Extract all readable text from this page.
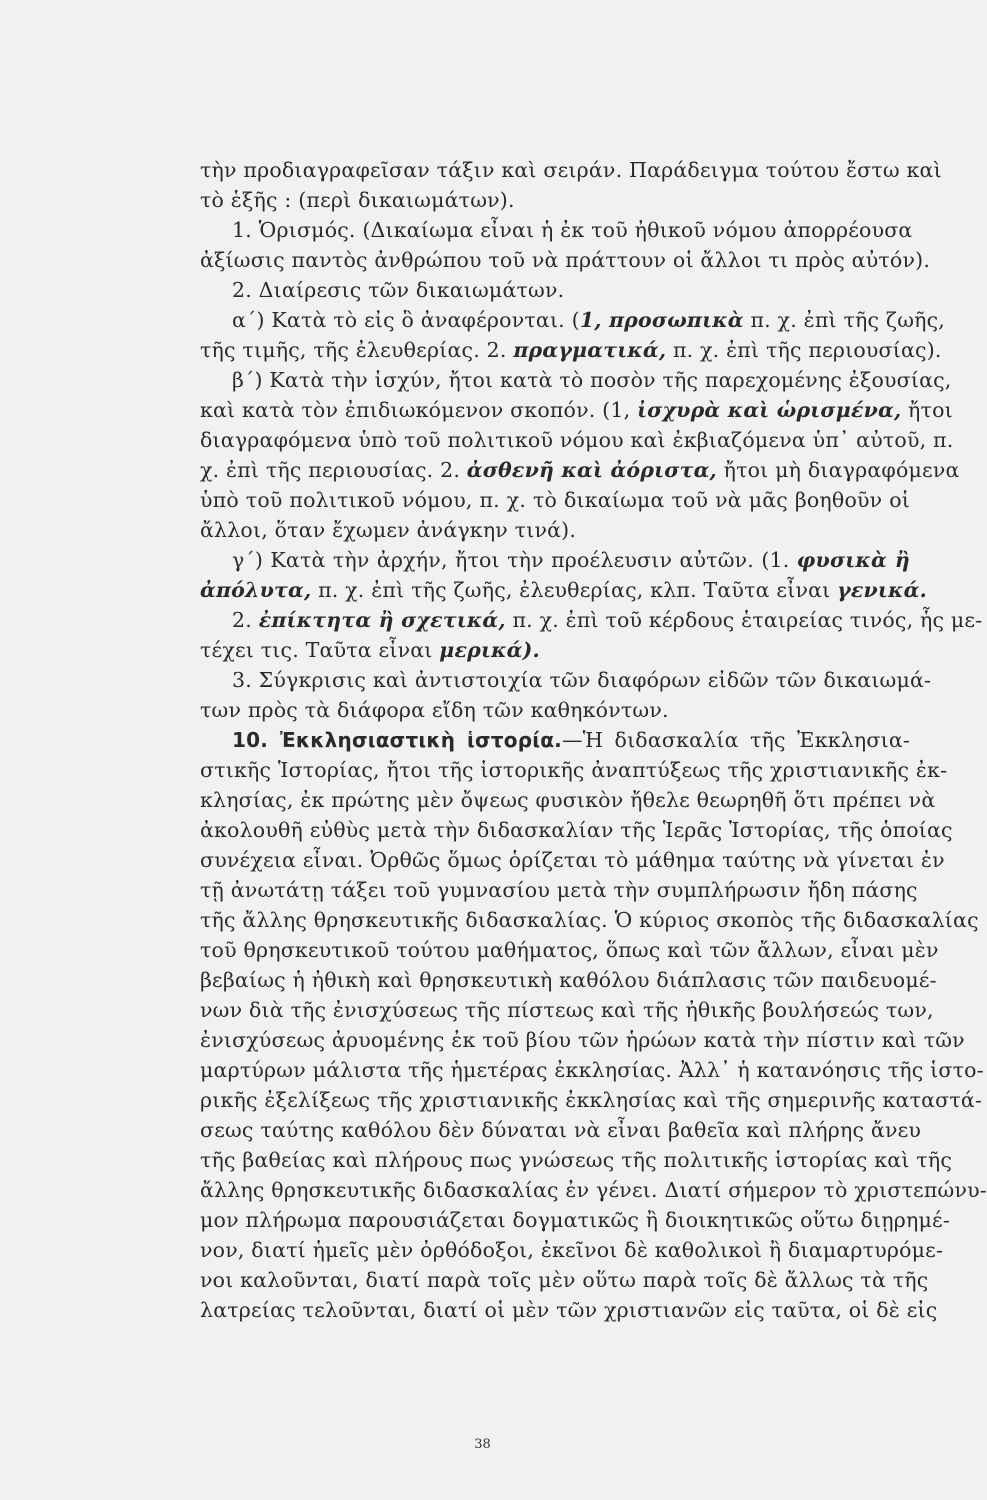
τὴν προδιαγραφεῖσαν τάξιν καὶ σειράν. Παράδειγμα τούτου ἔστω καὶ
τὸ ἑξῆς : (περὶ δικαιωμάτων).
1. Ὁρισμός. (Δικαίωμα εἶναι ἡ ἐκ τοῦ ἠθικοῦ νόμου ἀπορρέουσα
ἀξίωσις παντὸς ἀνθρώπου τοῦ νὰ πράττουν οἱ ἄλλοι τι πρὸς αὐτόν).
2. Διαίρεσις τῶν δικαιωμάτων.
α΄) Κατὰ τὸ εἰς ὃ ἀναφέρονται. (1, προσωπικὰ π. χ. ἐπὶ τῆς ζωῆς,
τῆς τιμῆς, τῆς ἐλευθερίας. 2. πραγματικά, π. χ. ἐπὶ τῆς περιουσίας).
β΄) Κατὰ τὴν ἰσχύν, ἤτοι κατὰ τὸ ποσὸν τῆς παρεχομένης ἐξουσίας,
καὶ κατὰ τὸν ἐπιδιωκόμενον σκοπόν. (1, ἰσχυρὰ καὶ ὡρισμένα, ἤτοι
διαγραφόμενα ὑπὸ τοῦ πολιτικοῦ νόμου καὶ ἐκβιαζόμενα ὑπ᾽ αὐτοῦ, π.
χ. ἐπὶ τῆς περιουσίας. 2. ἀσθενῆ καὶ ἀόριστα, ἤτοι μὴ διαγραφόμενα
ὑπὸ τοῦ πολιτικοῦ νόμου, π. χ. τὸ δικαίωμα τοῦ νὰ μᾶς βοηθοῦν οἱ
ἄλλοι, ὅταν ἔχωμεν ἀνάγκην τινά).
γ΄) Κατὰ τὴν ἀρχήν, ἤτοι τὴν προέλευσιν αὐτῶν. (1. φυσικὰ ἢ
ἀπόλυτα, π. χ. ἐπὶ τῆς ζωῆς, ἐλευθερίας, κλπ. Ταῦτα εἶναι γενικά.
2. ἐπίκτητα ἢ σχετικά, π. χ. ἐπὶ τοῦ κέρδους ἑταιρείας τινός, ἧς με-
τέχει τις. Ταῦτα εἶναι μερικά).
3. Σύγκρισις καὶ ἀντιστοιχία τῶν διαφόρων εἰδῶν τῶν δικαιωμά-
των πρὸς τὰ διάφορα εἴδη τῶν καθηκόντων.
10. Ἐκκλησιαστικὴ ἱστορία.—Ἡ διδασκαλία τῆς Ἐκκλησια-
στικῆς Ἱστορίας, ἤτοι τῆς ἱστορικῆς ἀναπτύξεως τῆς χριστιανικῆς ἐκ-
κλησίας, ἐκ πρώτης μὲν ὄψεως φυσικὸν ἤθελε θεωρηθῆ ὅτι πρέπει νὰ
ἀκολουθῆ εὐθὺς μετὰ τὴν διδασκαλίαν τῆς Ἱερᾶς Ἱστορίας, τῆς ὁποίας
συνέχεια εἶναι. Ὀρθῶς ὅμως ὁρίζεται τὸ μάθημα ταύτης νὰ γίνεται ἐν
τῇ ἀνωτάτῃ τάξει τοῦ γυμνασίου μετὰ τὴν συμπλήρωσιν ἤδη πάσης
τῆς ἄλλης θρησκευτικῆς διδασκαλίας. Ὁ κύριος σκοπὸς τῆς διδασκαλίας
τοῦ θρησκευτικοῦ τούτου μαθήματος, ὅπως καὶ τῶν ἄλλων, εἶναι μὲν
βεβαίως ἡ ἠθικὴ καὶ θρησκευτικὴ καθόλου διάπλασις τῶν παιδευομέ-
νων διὰ τῆς ἐνισχύσεως τῆς πίστεως καὶ τῆς ἠθικῆς βουλήσεώς των,
ἐνισχύσεως ἀρυομένης ἐκ τοῦ βίου τῶν ἡρώων κατὰ τὴν πίστιν καὶ τῶν
μαρτύρων μάλιστα τῆς ἡμετέρας ἐκκλησίας. Ἀλλ᾽ ἡ κατανόησις τῆς ἱστο-
ρικῆς ἐξελίξεως τῆς χριστιανικῆς ἐκκλησίας καὶ τῆς σημερινῆς καταστά-
σεως ταύτης καθόλου δὲν δύναται νὰ εἶναι βαθεῖα καὶ πλήρης ἄνευ
τῆς βαθείας καὶ πλήρους πως γνώσεως τῆς πολιτικῆς ἱστορίας καὶ τῆς
ἄλλης θρησκευτικῆς διδασκαλίας ἐν γένει. Διατί σήμερον τὸ χριστεπώνυ-
μον πλήρωμα παρουσιάζεται δογματικῶς ἢ διοικητικῶς οὕτω διῃρημέ-
νον, διατί ἡμεῖς μὲν ὀρθόδοξοι, ἐκεῖνοι δὲ καθολικοὶ ἢ διαμαρτυρόμε-
νοι καλοῦνται, διατί παρὰ τοῖς μὲν οὕτω παρὰ τοῖς δὲ ἄλλως τὰ τῆς
λατρείας τελοῦνται, διατί οἱ μὲν τῶν χριστιανῶν εἰς ταῦτα, οἱ δὲ εἰς
38
